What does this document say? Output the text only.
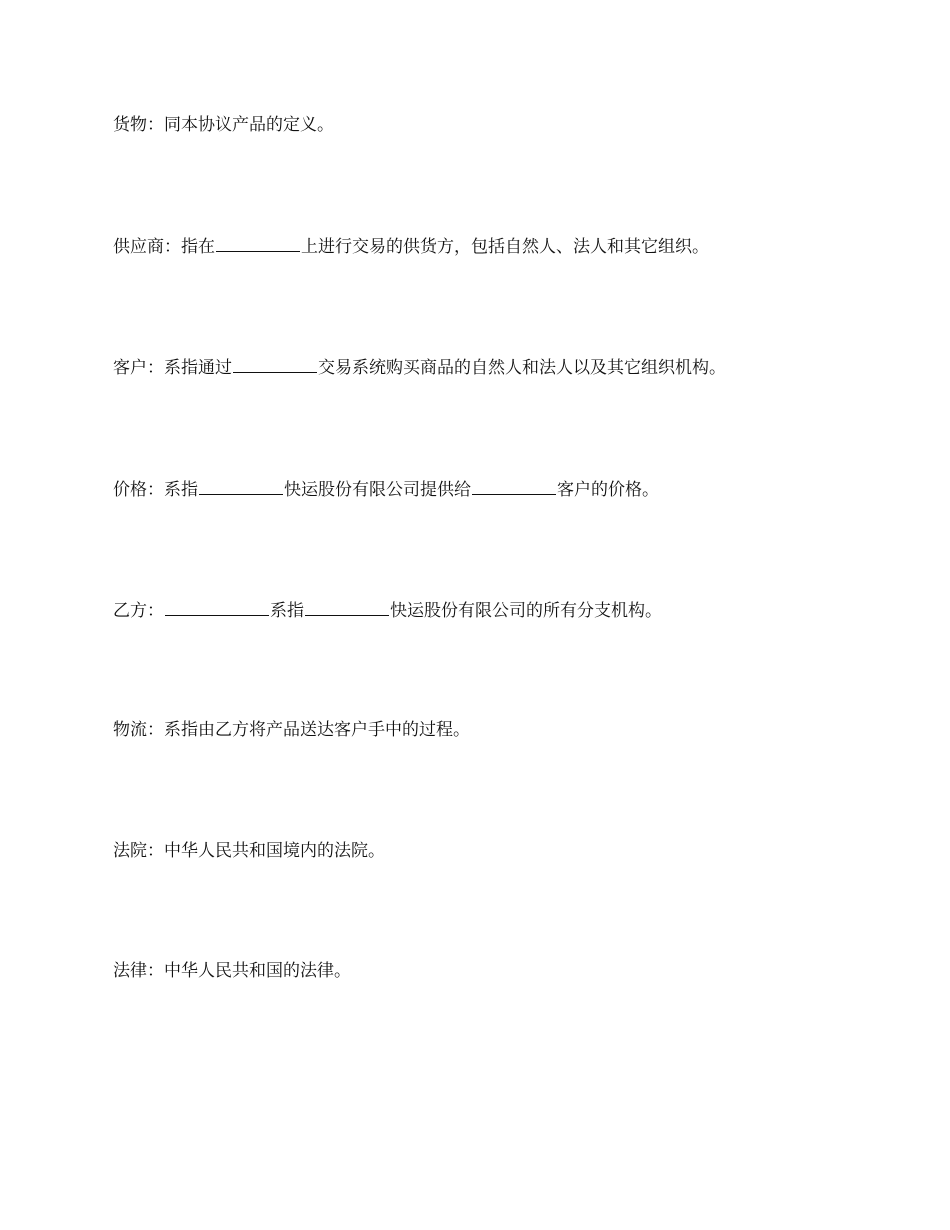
货物：同本协议产品的定义。

供应商：指在	上进行交易的供货方，包括自然人、法人和其它组织。

客户：系指通过	交易系统购买商品的自然人和法人以及其它组织机构。

价格：系指	快运股份有限公司提供给	客户的价格。

乙方：	系指	快运股份有限公司的所有分支机构。

物流：系指由乙方将产品送达客户手中的过程。

法院：中华人民共和国境内的法院。

法律：中华人民共和国的法律。
